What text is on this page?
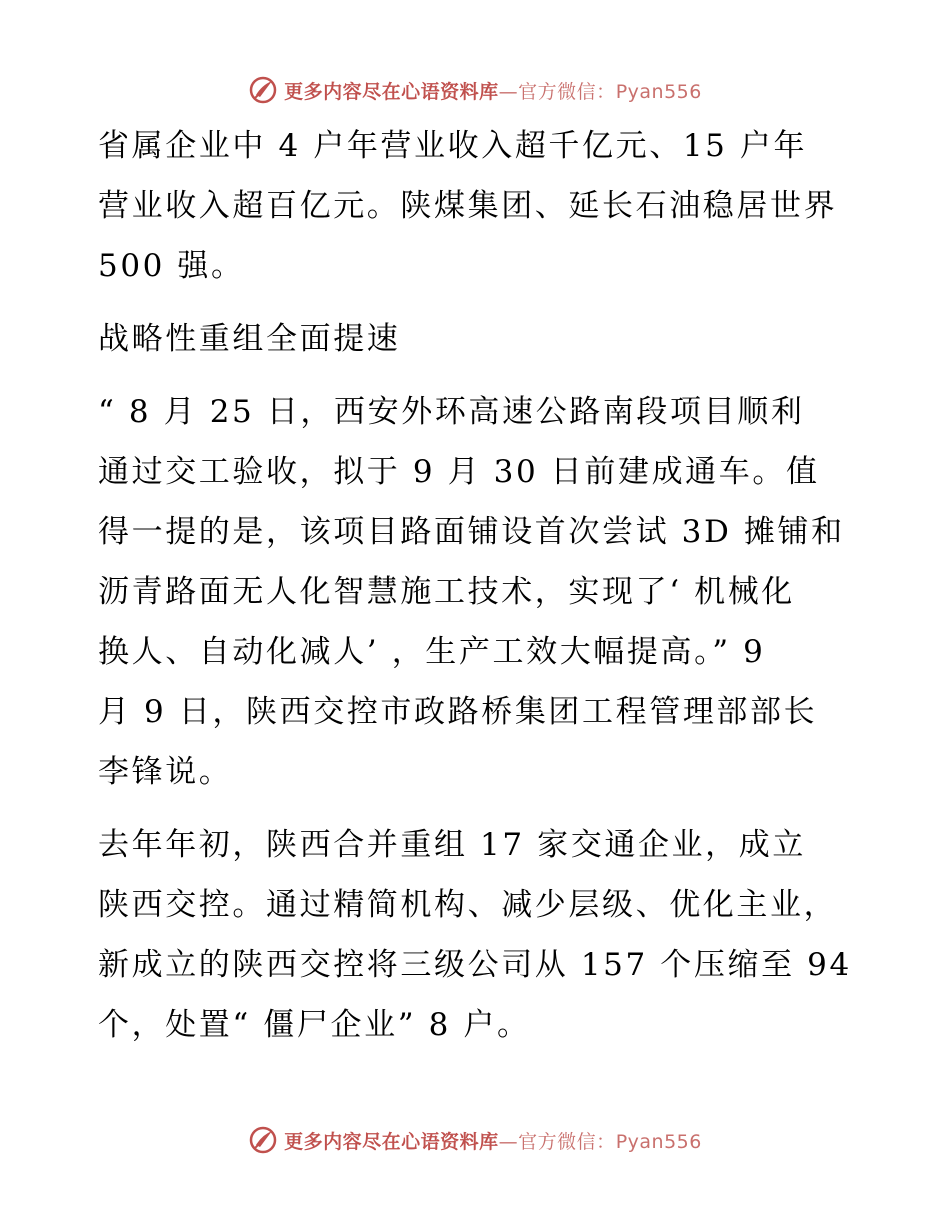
更多内容尽在心语资料库—官方微信：Pyan556

省属企业中 4 户年营业收入超千亿元、15 户年
营业收入超百亿元。陕煤集团、延长石油稳居世界
500 强。

战略性重组全面提速

“ 8 月 25 日，西安外环高速公路南段项目顺利
通过交工验收，拟于 9 月 30 日前建成通车。值
得一提的是，该项目路面铺设首次尝试 3D 摊铺和
沥青路面无人化智慧施工技术，实现了‘ 机械化
换人、自动化减人’ ，生产工效大幅提高。” 9
月 9 日，陕西交控市政路桥集团工程管理部部长
李锋说。

去年年初，陕西合并重组 17 家交通企业，成立
陕西交控。通过精简机构、减少层级、优化主业，
新成立的陕西交控将三级公司从 157 个压缩至 94
个，处置“ 僵尸企业” 8 户。

更多内容尽在心语资料库—官方微信：Pyan556
